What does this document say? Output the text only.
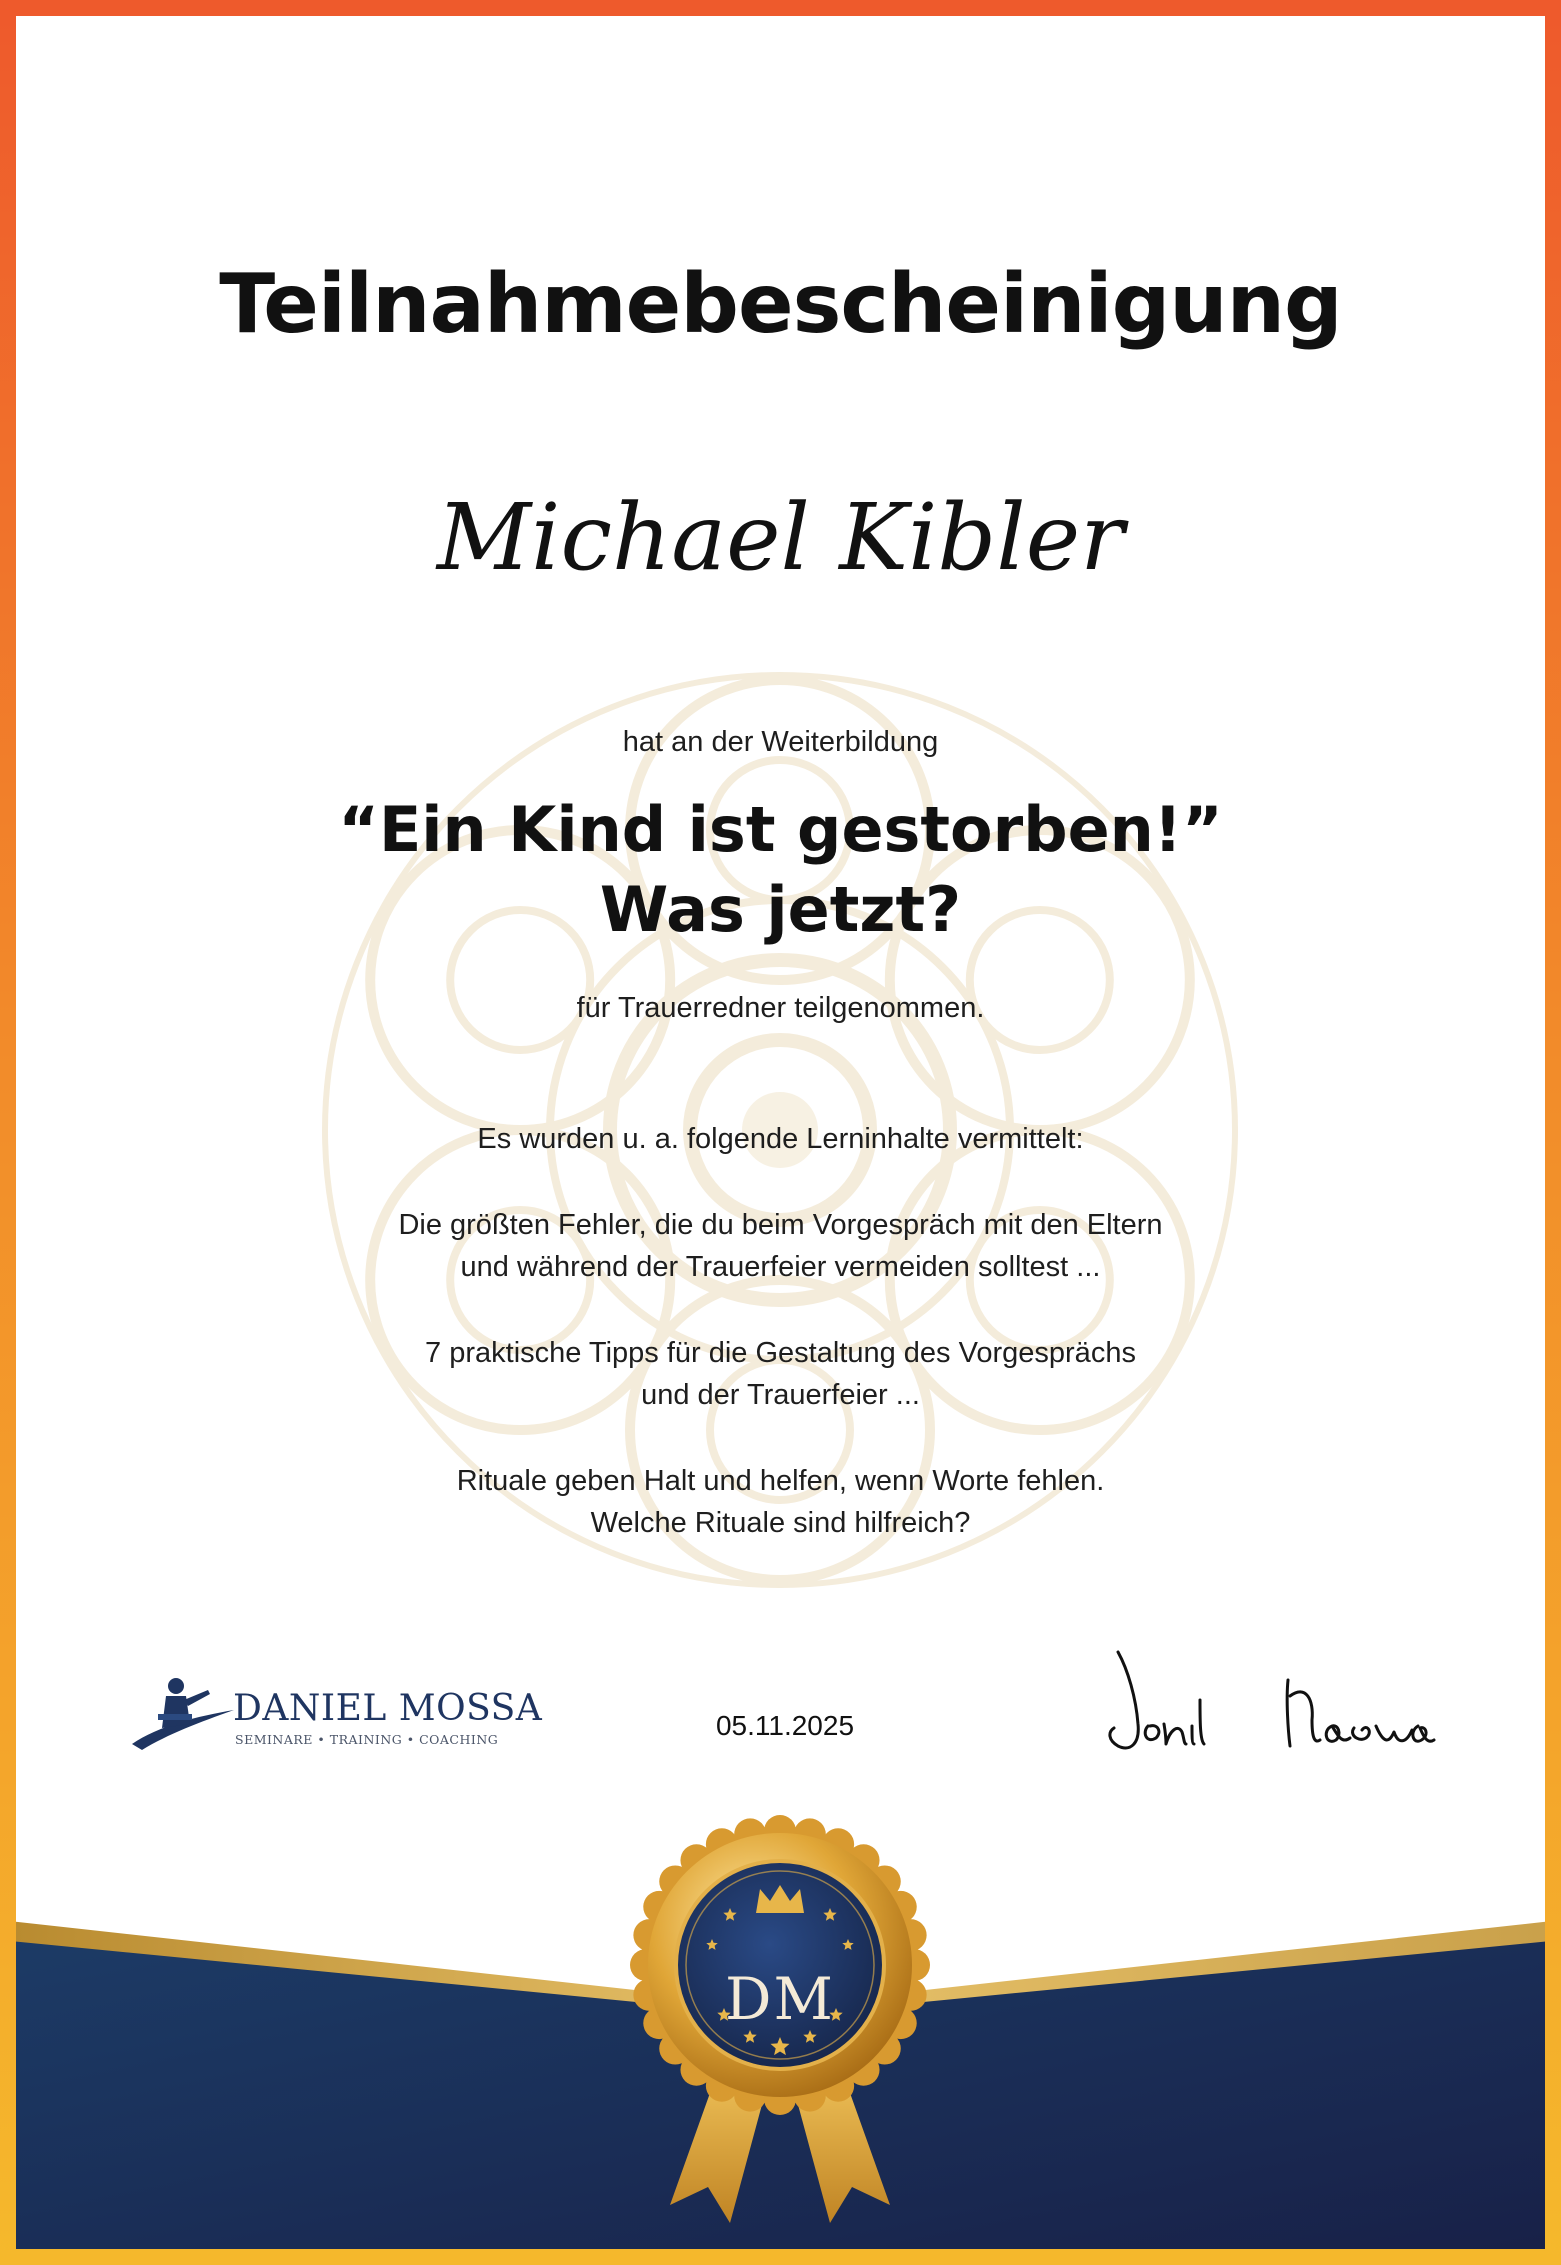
Teilnahmebescheinigung
Michael Kibler

hat an der Weiterbildung

“Ein Kind ist gestorben!”
Was jetzt?

für Trauerredner teilgenommen.

Es wurden u. a. folgende Lerninhalte vermittelt:
Die größten Fehler, die du beim Vorgespräch mit den Eltern
und während der Trauerfeier vermeiden solltest ...
7 praktische Tipps für die Gestaltung des Vorgesprächs
und der Trauerfeier ...
Rituale geben Halt und helfen, wenn Worte fehlen.
Welche Rituale sind hilfreich?
DANIEL MOSSA
SEMINARE • TRAINING • COACHING	05.11.2025
DM
